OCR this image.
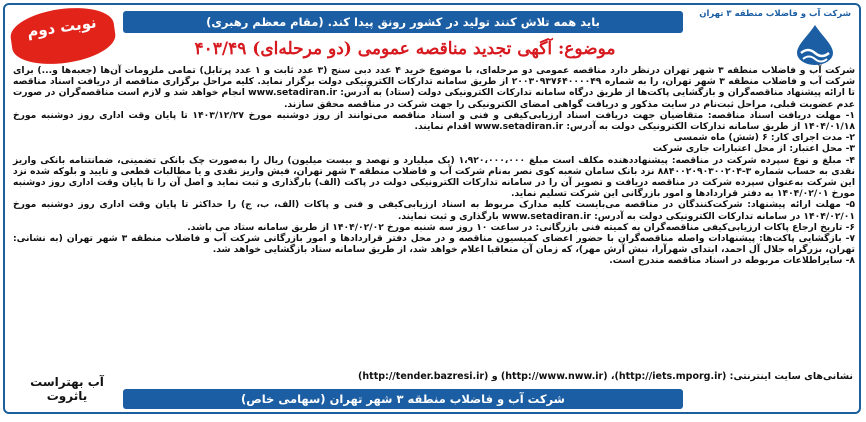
باید همه تلاش کنند تولید در کشور رونق پیدا کند. (مقام معظم رهبری)
شرکت آب و فاضلاب منطقه ۳ تهران
نوبت دوم
موضوع: آگهی تجدید مناقصه عمومی (دو مرحله‌ای) ۴۰۳/۴۹

شرکت آب و فاضلاب منطقه ۳ شهر تهران درنظر دارد مناقصه عمومی دو مرحله‌ای، با موضوع خرید ۴ عدد دبی سنج (۳ عدد ثابت و ۱ عدد پرتابل) تمامی ملزومات آن‌ها (جعبه‌ها و...) برای شرکت آب و فاضلاب منطقه ۳ شهر تهران، را به شماره ۲۰۰۳۰۹۳۷۶۴۰۰۰۰۴۹ از طریق سامانه تدارکات الکترونیکی دولت برگزار نماید. کلیه مراحل برگزاری مناقصه از دریافت اسناد مناقصه تا ارائه پیشنهاد مناقصه‌گران و بازگشایی پاکت‌ها از طریق درگاه سامانه تدارکات الکترونیکی دولت (ستاد) به آدرس: www.setadiran.ir انجام خواهد شد و لازم است مناقصه‌گران در صورت عدم عضویت قبلی، مراحل ثبت‌نام در سایت مذکور و دریافت گواهی امضای الکترونیکی را جهت شرکت در مناقصه محقق سازند.

۱- مهلت دریافت اسناد مناقصه: متقاضیان جهت دریافت اسناد ارزیابی‌کیفی و فنی و اسناد مناقصه می‌توانند از روز دوشنبه مورخ ۱۴۰۳/۱۲/۲۷ تا پایان وقت اداری روز دوشنبه مورخ ۱۴۰۴/۰۱/۱۸ از طریق سامانه تدارکات الکترونیکی دولت به آدرس: www.setadiran.ir اقدام نمایند.

۲- مدت اجرای کار: ۶ (شش) ماه شمسی

۳- محل اعتبار: از محل اعتبارات جاری شرکت

۴- مبلغ و نوع سپرده شرکت در مناقصه: پیشنهاددهنده مکلف است مبلغ ۱،۹۲۰،۰۰۰،۰۰۰ (یک میلیارد و نهصد و بیست میلیون) ریال را به‌صورت چک بانکی تضمینی، ضمانتنامه بانکی واریز نقدی به حساب شماره ۳-۸۸۴۰۰۲۰۹۰۳۰۰۲۰۴ نزد بانک سامان شعبه کوی نصر به‌نام شرکت آب و فاضلاب منطقه ۳ شهر تهران، فیش واریز نقدی و یا مطالبات قطعی و تایید و بلوکه شده نزد این شرکت به‌عنوان سپرده شرکت در مناقصه دریافت و تصویر آن را در سامانه تدارکات الکترونیکی دولت در پاکت (الف) بارگذاری و ثبت نماید و اصل آن را تا پایان وقت اداری روز دوشنبه مورخ ۱۴۰۴/۰۲/۰۱ به دفتر قراردادها و امور بازرگانی این شرکت تسلیم نماید.

۵- مهلت ارائه پیشنهاد: شرکت‌کنندگان در مناقصه می‌بایست کلیه مدارک مربوط به اسناد ارزیابی‌کیفی و فنی و پاکات (الف، ب، ج) را حداکثر تا پایان وقت اداری روز دوشنبه مورخ ۱۴۰۴/۰۲/۰۱ در سامانه تدارکات الکترونیکی دولت به آدرس: www.setadiran.ir بارگذاری و ثبت نمایند.

۶- تاریخ ارجاع پاکات ارزیابی‌کیفی مناقصه‌گران به کمیته فنی بازرگانی: در ساعت ۱۰ روز سه شنبه مورخ ۱۴۰۴/۰۲/۰۲ از طریق سامانه ستاد می باشد.

۷- بازگشایی پاکت‌ها: پیشنهادات واصله مناقصه‌گران با حضور اعضای کمیسیون مناقصه و در محل دفتر قراردادها و امور بازرگانی شرکت آب و فاضلاب منطقه ۳ شهر تهران (به نشانی: تهران، بزرگراه جلال آل احمد، ابتدای شهرآرا، نبش آرش مهر)، که زمان آن متعاقبا اعلام خواهد شد، از طریق سامانه ستاد بازگشایی خواهد شد.

۸- سایراطلاعات مربوطه در اسناد مناقصه مندرج است.

نشانی‌های سایت اینترنتی: (http://iets.mporg.ir)، (http://www.nww.ir) و (http://tender.bazresi.ir)
آب بهتراست یاثروت	شرکت آب و فاضلاب منطقه ۳ شهر تهران (سهامی خاص)
